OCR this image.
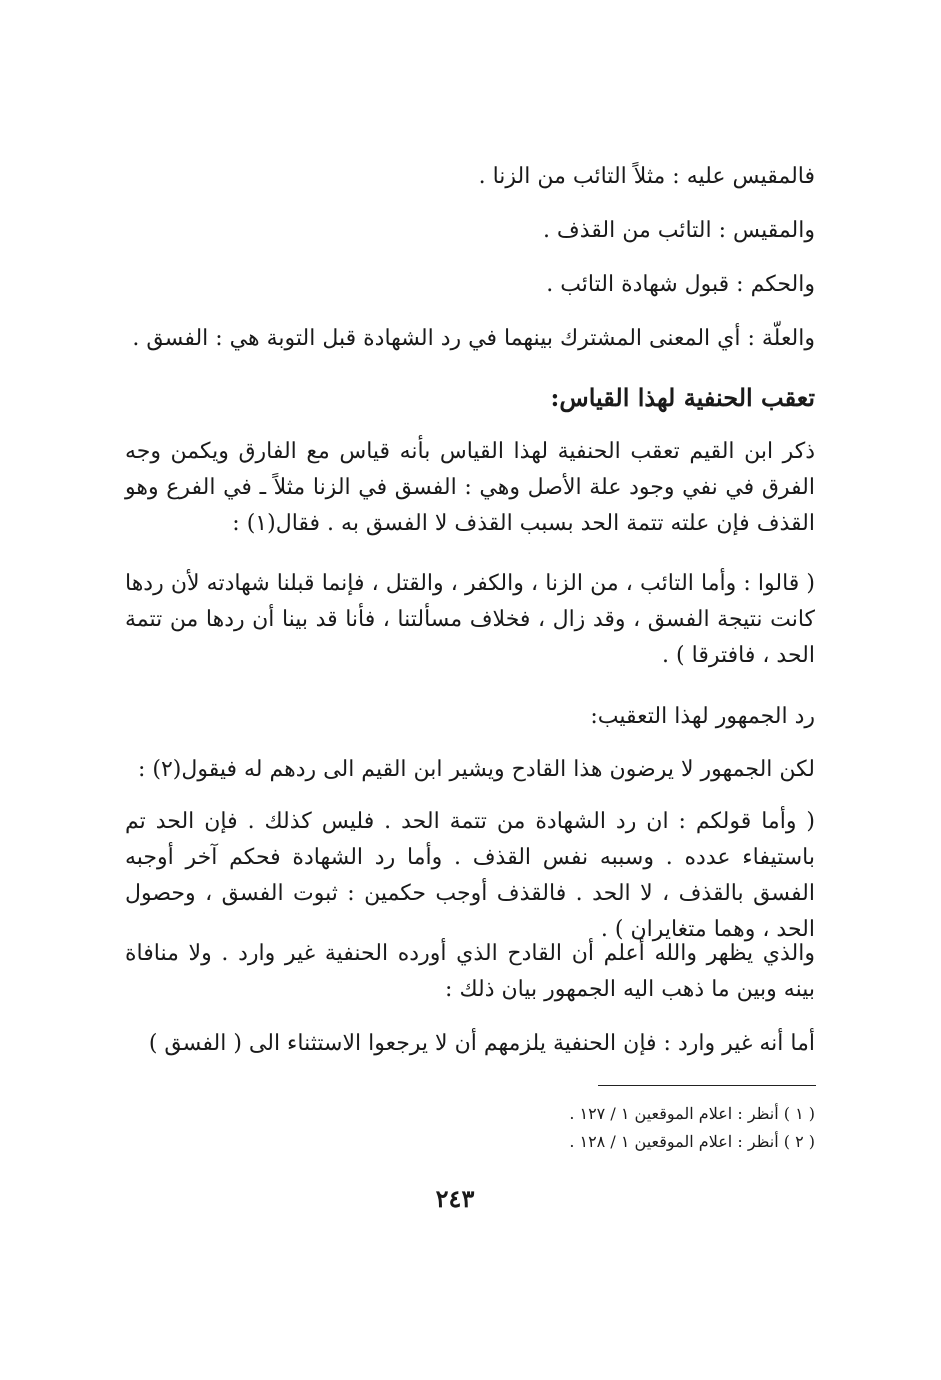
فالمقيس عليه : مثلاً التائب من الزنا .
والمقيس : التائب من القذف .
والحكم : قبول شهادة التائب .
والعلّة : أي المعنى المشترك بينهما في رد الشهادة قبل التوبة هي : الفسق .
تعقب الحنفية لهذا القياس:
ذكر ابن القيم تعقب الحنفية لهذا القياس بأنه قياس مع الفارق ويكمن وجه الفرق في نفي وجود علة الأصل وهي : الفسق في الزنا مثلاً ـ في الفرع وهو القذف فإن علته تتمة الحد بسبب القذف لا الفسق به . فقال(١) :
( قالوا : وأما التائب ، من الزنا ، والكفر ، والقتل ، فإنما قبلنا شهادته لأن ردها كانت نتيجة الفسق ، وقد زال ، فخلاف مسألتنا ، فأنا قد بينا أن ردها من تتمة الحد ، فافترقا ) .
رد الجمهور لهذا التعقيب:
لكن الجمهور لا يرضون هذا القادح ويشير ابن القيم الى ردهم له فيقول(٢) :
( وأما قولكم : ان رد الشهادة من تتمة الحد . فليس كذلك . فإن الحد تم باستيفاء عدده . وسببه نفس القذف . وأما رد الشهادة فحكم آخر أوجبه الفسق بالقذف ، لا الحد . فالقذف أوجب حكمين : ثبوت الفسق ، وحصول الحد ، وهما متغايران ) .
والذي يظهر والله أعلم أن القادح الذي أورده الحنفية غير وارد . ولا منافاة بينه وبين ما ذهب اليه الجمهور بيان ذلك :
أما أنه غير وارد : فإن الحنفية يلزمهم أن لا يرجعوا الاستثناء الى ( الفسق )
( ١ ) أنظر : اعلام الموقعين ١ / ١٢٧ .
( ٢ ) أنظر : اعلام الموقعين ١ / ١٢٨ .
٢٤٣
